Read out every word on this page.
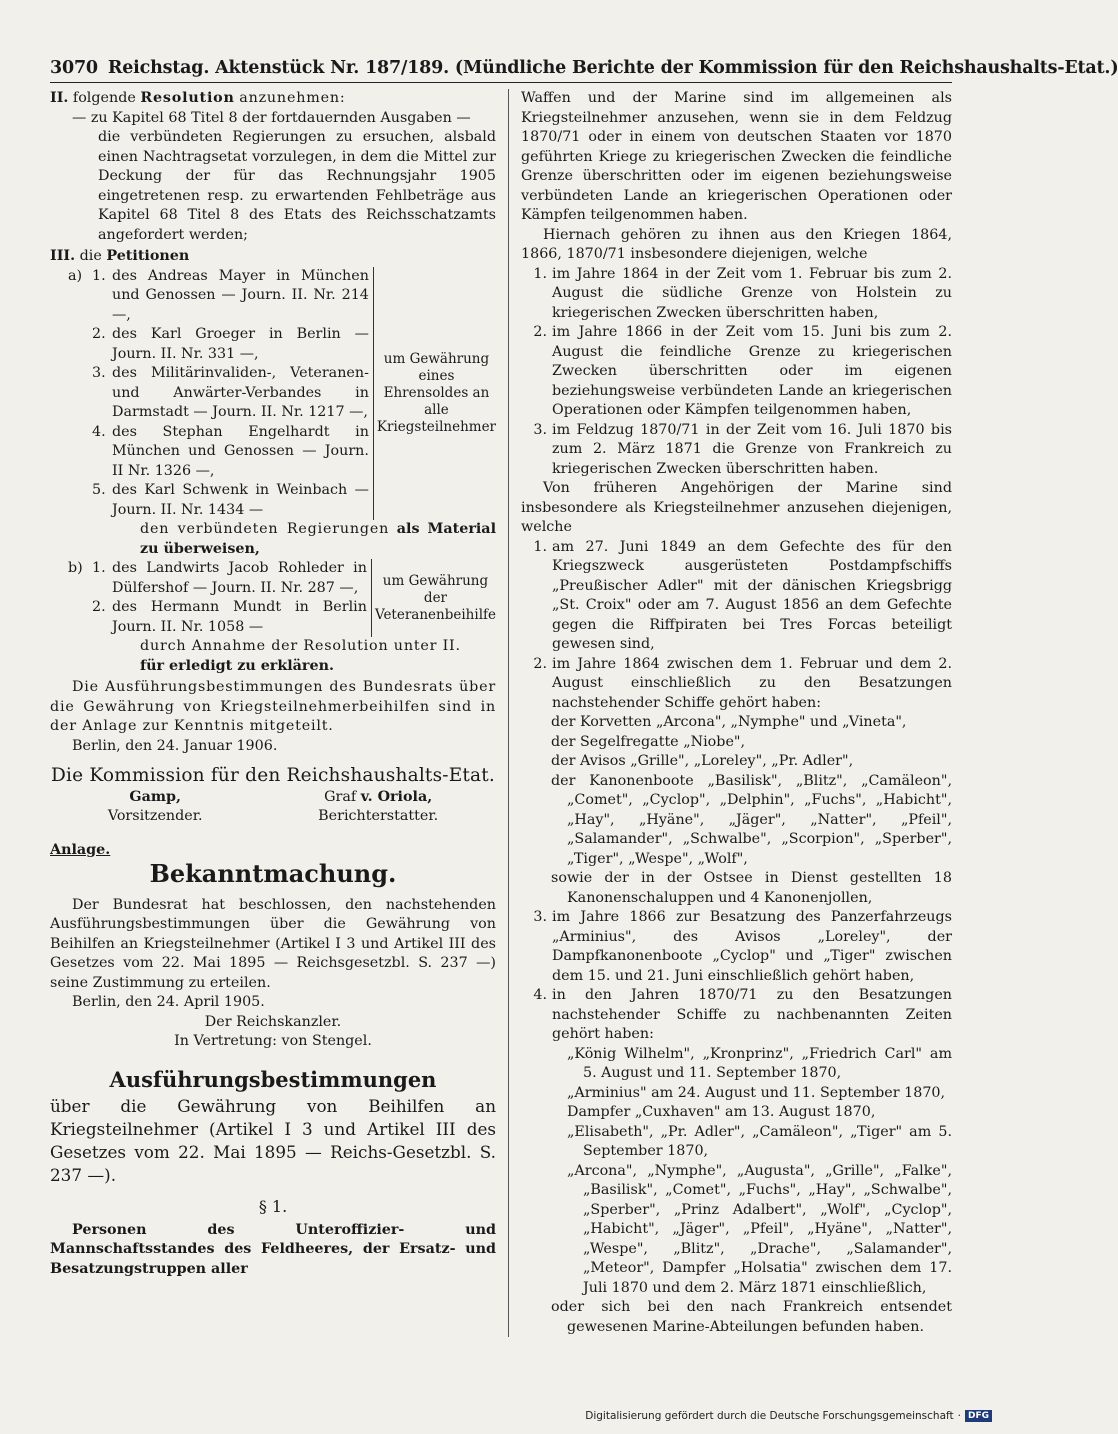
3070 Reichstag. Aktenstück Nr. 187/189. (Mündliche Berichte der Kommission für den Reichshaushalts-Etat.)

II. folgende Resolution anzunehmen:

— zu Kapitel 68 Titel 8 der fortdauernden Ausgaben —

die verbündeten Regierungen zu ersuchen, alsbald einen Nachtragsetat vorzulegen, in dem die Mittel zur Deckung der für das Rechnungsjahr 1905 eingetretenen resp. zu erwartenden Fehlbeträge aus Kapitel 68 Titel 8 des Etats des Reichsschatzamts angefordert werden;

III. die Petitionen

a) 1. des Andreas Mayer in München und Genossen — Journ. II. Nr. 214 —,
2. des Karl Groeger in Berlin — Journ. II. Nr. 331 —,
3. des Militärinvaliden-, Veteranen- und Anwärter-Verbandes in Darmstadt — Journ. II. Nr. 1217 —,
4. des Stephan Engelhardt in München und Genossen — Journ. II Nr. 1326 —,
5. des Karl Schwenk in Weinbach — Journ. II. Nr. 1434 —
um Gewährung eines Ehrensoldes an alle Kriegsteilnehmer

den verbündeten Regierungen als Material zu überweisen,

b) 1. des Landwirts Jacob Rohleder in Dülfershof — Journ. II. Nr. 287 —,
2. des Hermann Mundt in Berlin Journ. II. Nr. 1058 —
um Gewährung der Veteranenbeihilfe

durch Annahme der Resolution unter II.
für erledigt zu erklären.

Die Ausführungsbestimmungen des Bundesrats über die Gewährung von Kriegsteilnehmerbeihilfen sind in der Anlage zur Kenntnis mitgeteilt.

Berlin, den 24. Januar 1906.

Die Kommission für den Reichshaushalts-Etat.

Gamp,
Vorsitzender.
Graf v. Oriola,
Berichterstatter.

Anlage.

Bekanntmachung.

Der Bundesrat hat beschlossen, den nachstehenden Ausführungsbestimmungen über die Gewährung von Beihilfen an Kriegsteilnehmer (Artikel I 3 und Artikel III des Gesetzes vom 22. Mai 1895 — Reichsgesetzbl. S. 237 —) seine Zustimmung zu erteilen.

Berlin, den 24. April 1905.

Der Reichskanzler.

In Vertretung: von Stengel.

Ausführungsbestimmungen

über die Gewährung von Beihilfen an Kriegsteilnehmer (Artikel I 3 und Artikel III des Gesetzes vom 22. Mai 1895 — Reichs-Gesetzbl. S. 237 —).

§ 1.

Personen des Unteroffizier- und Mannschaftsstandes des Feldheeres, der Ersatz- und Besatzungstruppen aller

Waffen und der Marine sind im allgemeinen als Kriegsteilnehmer anzusehen, wenn sie in dem Feldzug 1870/71 oder in einem von deutschen Staaten vor 1870 geführten Kriege zu kriegerischen Zwecken die feindliche Grenze überschritten oder im eigenen beziehungsweise verbündeten Lande an kriegerischen Operationen oder Kämpfen teilgenommen haben.

Hiernach gehören zu ihnen aus den Kriegen 1864, 1866, 1870/71 insbesondere diejenigen, welche

1. im Jahre 1864 in der Zeit vom 1. Februar bis zum 2. August die südliche Grenze von Holstein zu kriegerischen Zwecken überschritten haben,
2. im Jahre 1866 in der Zeit vom 15. Juni bis zum 2. August die feindliche Grenze zu kriegerischen Zwecken überschritten oder im eigenen beziehungsweise verbündeten Lande an kriegerischen Operationen oder Kämpfen teilgenommen haben,
3. im Feldzug 1870/71 in der Zeit vom 16. Juli 1870 bis zum 2. März 1871 die Grenze von Frankreich zu kriegerischen Zwecken überschritten haben.

Von früheren Angehörigen der Marine sind insbesondere als Kriegsteilnehmer anzusehen diejenigen, welche

1. am 27. Juni 1849 an dem Gefechte des für den Kriegszweck ausgerüsteten Postdampfschiffs „Preußischer Adler" mit der dänischen Kriegsbrigg „St. Croix" oder am 7. August 1856 an dem Gefechte gegen die Riffpiraten bei Tres Forcas beteiligt gewesen sind,
2. im Jahre 1864 zwischen dem 1. Februar und dem 2. August einschließlich zu den Besatzungen nachstehender Schiffe gehört haben:

der Korvetten „Arcona", „Nymphe" und „Vineta",

der Segelfregatte „Niobe",

der Avisos „Grille", „Loreley", „Pr. Adler",

der Kanonenboote „Basilisk", „Blitz", „Camäleon", „Comet", „Cyclop", „Delphin", „Fuchs", „Habicht", „Hay", „Hyäne", „Jäger", „Natter", „Pfeil", „Salamander", „Schwalbe", „Scorpion", „Sperber", „Tiger", „Wespe", „Wolf",

sowie der in der Ostsee in Dienst gestellten 18 Kanonenschaluppen und 4 Kanonenjollen,

3. im Jahre 1866 zur Besatzung des Panzerfahrzeugs „Arminius", des Avisos „Loreley", der Dampfkanonenboote „Cyclop" und „Tiger" zwischen dem 15. und 21. Juni einschließlich gehört haben,
4. in den Jahren 1870/71 zu den Besatzungen nachstehender Schiffe zu nachbenannten Zeiten gehört haben:

„König Wilhelm", „Kronprinz", „Friedrich Carl" am 5. August und 11. September 1870,

„Arminius" am 24. August und 11. September 1870,

Dampfer „Cuxhaven" am 13. August 1870,

„Elisabeth", „Pr. Adler", „Camäleon", „Tiger" am 5. September 1870,

„Arcona", „Nymphe", „Augusta", „Grille", „Falke", „Basilisk", „Comet", „Fuchs", „Hay", „Schwalbe", „Sperber", „Prinz Adalbert", „Wolf", „Cyclop", „Habicht", „Jäger", „Pfeil", „Hyäne", „Natter", „Wespe", „Blitz", „Drache", „Salamander", „Meteor", Dampfer „Holsatia" zwischen dem 17. Juli 1870 und dem 2. März 1871 einschließlich,

oder sich bei den nach Frankreich entsendet gewesenen Marine-Abteilungen befunden haben.

Digitalisierung gefördert durch die Deutsche Forschungsgemeinschaft · DFG
